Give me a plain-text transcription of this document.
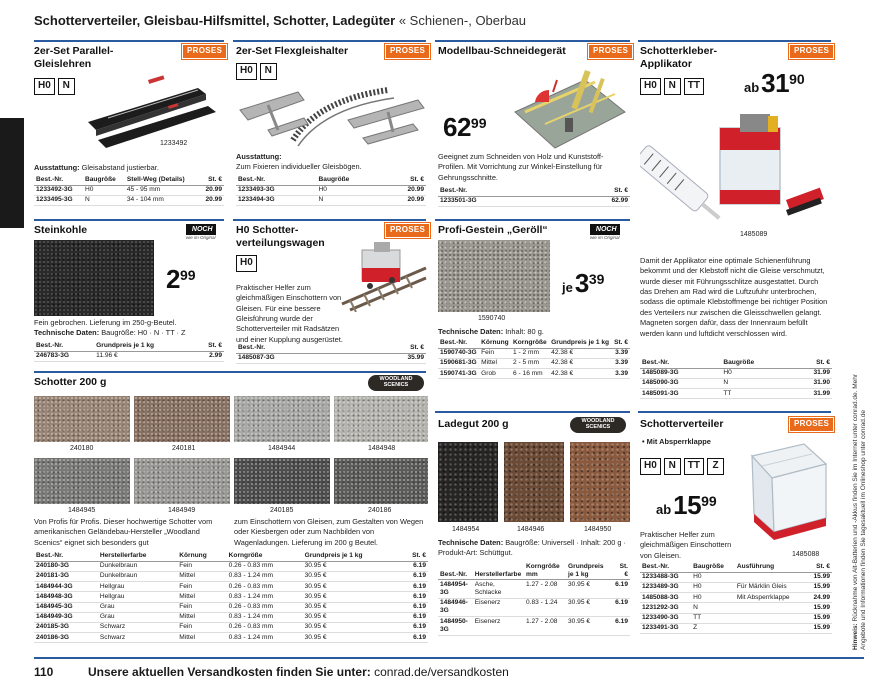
Schotterverteiler, Gleisbau-Hilfsmittel, Schotter, Ladegüter « Schienen-, Oberbau
2er-Set Parallel-Gleislehren
PROSES
H0	N
1233492
Ausstattung: Gleisabstand justierbar.
Best.-Nr.	Baugröße	Stell-Weg (Details)	St. €
1233492-3G	H0	45 - 95 mm	20.99
1233495-3G	N	34 - 104 mm	20.99
2er-Set Flexgleishalter	PROSES
H0	N
Ausstattung:
Zum Fixieren individueller Gleisbögen.
Best.-Nr.	Baugröße	St. €
1233493-3G	H0	20.99
1233494-3G	N	20.99
Modellbau-Schneidegerät	PROSES
$62^{99}$
Geeignet zum Schneiden von Holz und Kunststoff-Profilen. Mit Vorrichtung zur Winkel-Einstellung für Gehrungsschnitte.
Best.-Nr.	St. €
1233501-3G	62.99
Schotterkleber-Applikator
PROSES
H0	N	TT	$ab31^{90}$
1485089
Damit der Applikator eine optimale Schienenführung bekommt und der Klebstoff nicht die Gleise verschmutzt, wurde dieser mit Führungsschlitze ausgestattet. Durch das Drehen am Rad wird die Luftzufuhr unterbrochen, sodass die optimale Klebstoffmenge bei richtiger Position des Verteilers nur zwischen die Gleisschwellen gelangt. Magneten sorgen dafür, dass der Innenraum befüllt werden kann und luftdicht verschlossen wird.
Best.-Nr.	Baugröße	St. €
1485089-3G	H0	31.99
1485090-3G	N	31.90
1485091-3G	TT	31.99
Steinkohle	NOCH
wie im Original
$2^{99}$
Fein gebrochen. Lieferung im 250-g-Beutel.
Technische Daten: Baugröße: H0 · N · TT · Z
Best.-Nr.	Grundpreis je 1 kg	St. €
246783-3G	11.96 €	2.99
H0 Schotter-verteilungswagen
PROSES
H0
Praktischer Helfer zum gleichmäßigen Einschottern von Gleisen. Für eine bessere Gleisführung wurde der Schotterverteiler mit Radsätzen und einer Kupplung ausgerüstet.
Best.-Nr.	St. €
1485087-3G	35.99
Profi-Gestein „Geröll“	NOCH
wie im Original
1590740
$je3^{39}$
Technische Daten: Inhalt: 80 g.
Best.-Nr.	Körnung	Korngröße	Grundpreis je 1 kg	St. €
1590740-3G	Fein	1 - 2 mm	42.38 €	3.39
1590681-3G	Mittel	2 - 5 mm	42.38 €	3.39
1590741-3G	Grob	6 - 16 mm	42.38 €	3.39
Schotter 200 g	WOODLAND
SCENICS
240180	240181	1484944	1484948
1484945	1484949	240185	240186
Von Profis für Profis. Dieser hochwertige Schotter vom amerikanischen Geländebau-Hersteller „Woodland Scenics“ eignet sich besonders gut
zum Einschottern von Gleisen, zum Gestalten von Wegen oder Kiesbergen oder zum Nachbilden von Wagenladungen. Lieferung im 200 g Beutel.
Best.-Nr.	Herstellerfarbe	Körnung	Korngröße	Grundpreis je 1 kg	St. €
240180-3G	Dunkelbraun	Fein	0.26 - 0.83 mm	30.95 €	6.19
240181-3G	Dunkelbraun	Mittel	0.83 - 1.24 mm	30.95 €	6.19
1484944-3G	Hellgrau	Fein	0.26 - 0.83 mm	30.95 €	6.19
1484948-3G	Hellgrau	Mittel	0.83 - 1.24 mm	30.95 €	6.19
1484945-3G	Grau	Fein	0.26 - 0.83 mm	30.95 €	6.19
1484949-3G	Grau	Mittel	0.83 - 1.24 mm	30.95 €	6.19
240185-3G	Schwarz	Fein	0.26 - 0.83 mm	30.95 €	6.19
240186-3G	Schwarz	Mittel	0.83 - 1.24 mm	30.95 €	6.19
Ladegut 200 g	WOODLAND
SCENICS
1484954	1484946	1484950
Technische Daten: Baugröße: Universell · Inhalt: 200 g · Produkt-Art: Schüttgut.
Best.-Nr.	Herstellerfarbe	Korngröße mm	Grundpreis je 1 kg	St. €
1484954-3G	Asche, Schlacke	1.27 - 2.08	30.95 €	6.19
1484946-3G	Eisenerz	0.83 - 1.24	30.95 €	6.19
1484950-3G	Eisenerz	1.27 - 2.08	30.95 €	6.19
Schotterverteiler	PROSES
• Mit Absperrklappe
H0	N	TT	Z
$ab15^{99}$
1485088
Praktischer Helfer zum gleichmäßigen Einschottern von Gleisen.
Best.-Nr.	Baugröße	Ausführung	St. €
1233488-3G	H0		15.99
1233489-3G	H0	Für Märklin Gleis	15.99
1485088-3G	H0	Mit Absperrklappe	24.99
1231292-3G	N		15.99
1233490-3G	TT		15.99
1233491-3G	Z		15.99	Hinweis: Rücknahme von Alt-Batterien und -Akkus finden Sie im Internet unter conrad.de. Mehr Angebote und Informationen finden Sie tagesaktuell im Onlineshop unter conrad.de
110	Unsere aktuellen Versandkosten finden Sie unter: conrad.de/versandkosten
